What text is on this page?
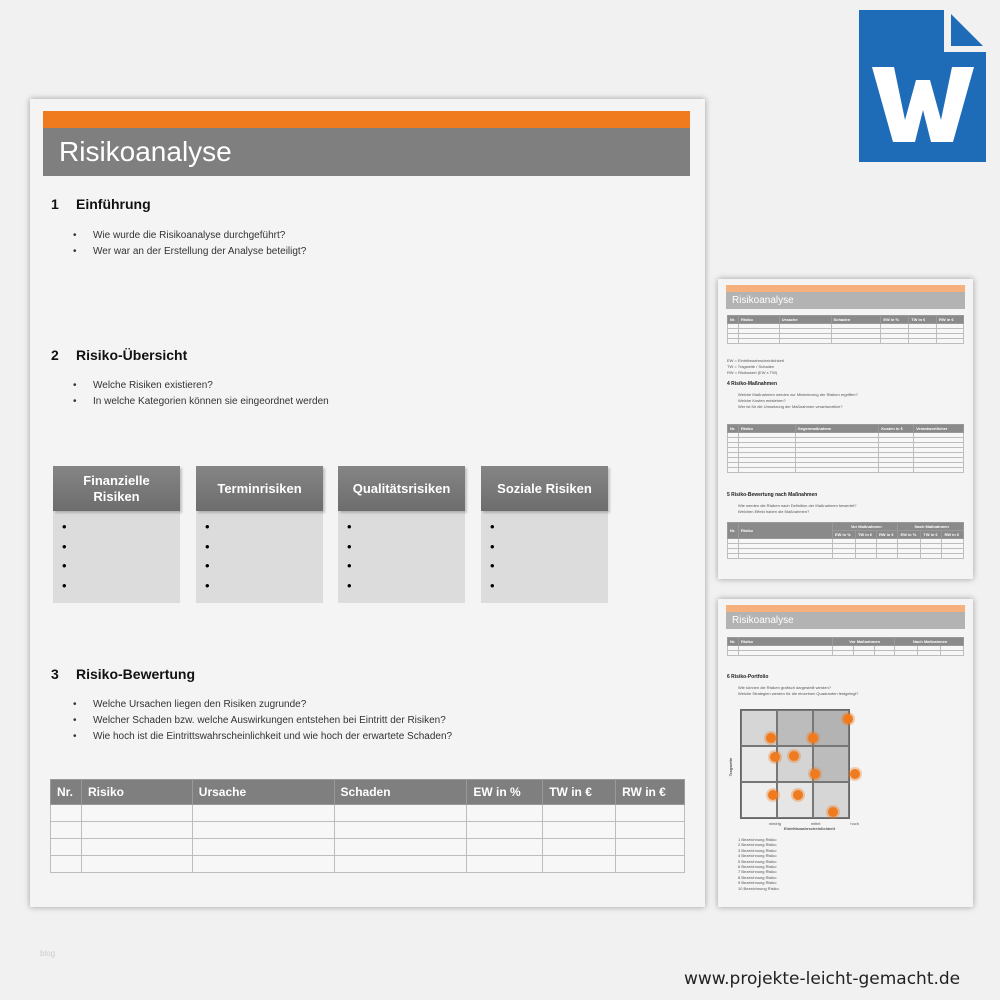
Risikoanalyse
1 Einführung
• Wie wurde die Risikoanalyse durchgeführt?
• Wer war an der Erstellung der Analyse beteiligt?
2 Risiko-Übersicht
• Welche Risiken existieren?
• In welche Kategorien können sie eingeordnet werden
Finanzielle Risiken
•
•
•
•
Terminrisiken
•
•
•
•
Qualitätsrisiken
•
•
•
•
Soziale Risiken
•
•
•
•
3 Risiko-Bewertung
• Welche Ursachen liegen den Risiken zugrunde?
• Welcher Schaden bzw. welche Auswirkungen entstehen bei Eintritt der Risiken?
• Wie hoch ist die Eintrittswahrscheinlichkeit und wie hoch der erwartete Schaden?
Nr.	Risiko	Ursache	Schaden	EW in %	TW in €	RW in €

blog
Risikoanalyse
Nr.	Risiko	Ursache	Schaden	EW in %	TW in €	RW in €

EW = Eintrittswahrscheinlichkeit
TW = Tragweite / Schaden
RW = Risikowert (EW x TW)
4 Risiko-Maßnahmen
Welche Maßnahmen werden zur Minimierung der Risiken ergriffen?
Welche Kosten entstehen?
Wer ist für die Umsetzung der Maßnahmen verantwortlich?
Nr.	Risiko	Gegenmaßnahme	Kosten in €	Verantwortlicher

5 Risiko-Bewertung nach Maßnahmen
Wie werden die Risiken nach Definition der Maßnahmen bewertet?
Welchen Effekt haben die Maßnahmen?
Nr.	Risiko	Vor Maßnahmen			Nach Maßnahmen		
		EW in %	TW in €	RW in €	EW in %	TW in €	RW in €

Risikoanalyse
Nr.	Risiko	Vor Maßnahmen			Nach Maßnahmen		

6 Risiko-Portfolio
Wie können die Risiken grafisch dargestellt werden?
Welche Strategien werden für die einzelnen Quadranten festgelegt?
niedrig	mittel	hoch
Eintrittswahrscheinlichkeit
Tragweite
1 Bezeichnung Risiko
2 Bezeichnung Risiko
3 Bezeichnung Risiko
4 Bezeichnung Risiko
5 Bezeichnung Risiko
6 Bezeichnung Risiko
7 Bezeichnung Risiko
8 Bezeichnung Risiko
9 Bezeichnung Risiko
10 Bezeichnung Risiko
www.projekte-leicht-gemacht.de
